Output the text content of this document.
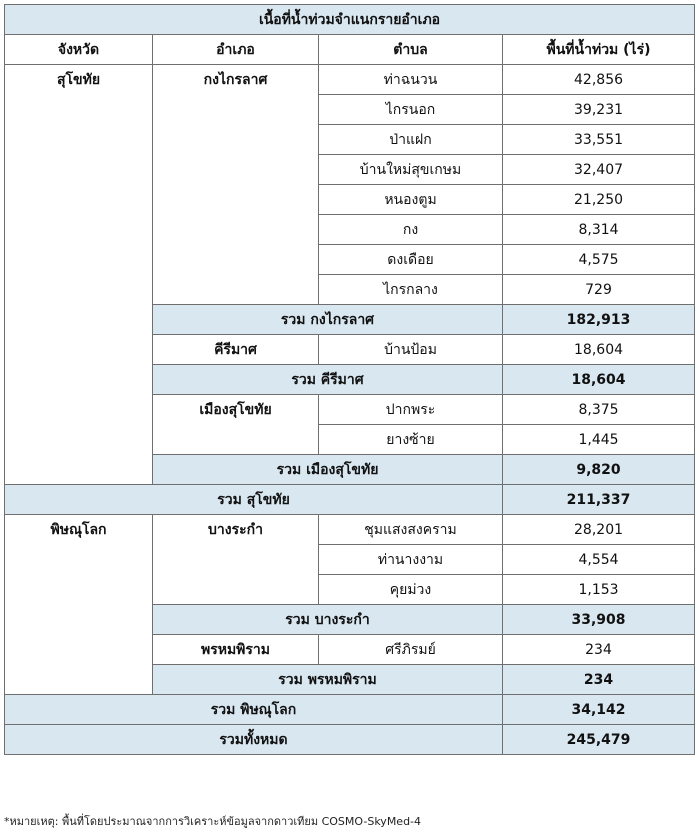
เนื้อที่น้ำท่วมจำแนกรายอำเภอ			
จังหวัด	อำเภอ	ตำบล	พื้นที่น้ำท่วม (ไร่)
สุโขทัย	กงไกรลาศ	ท่าฉนวน	42,856
		ไกรนอก	39,231
		ป่าแฝก	33,551
		บ้านใหม่สุขเกษม	32,407
		หนองตูม	21,250
		กง	8,314
		ดงเดือย	4,575
		ไกรกลาง	729
	รวม กงไกรลาศ		182,913
	คีรีมาศ	บ้านป้อม	18,604
	รวม คีรีมาศ		18,604
	เมืองสุโขทัย	ปากพระ	8,375
		ยางซ้าย	1,445
	รวม เมืองสุโขทัย		9,820
รวม สุโขทัย			211,337
พิษณุโลก	บางระกำ	ชุมแสงสงคราม	28,201
		ท่านางงาม	4,554
		คุยม่วง	1,153
	รวม บางระกำ		33,908
	พรหมพิราม	ศรีภิรมย์	234
	รวม พรหมพิราม		234
รวม พิษณุโลก			34,142
รวมทั้งหมด			245,479
*หมายเหตุ: พื้นที่โดยประมาณจากการวิเคราะห์ข้อมูลจากดาวเทียม COSMO-SkyMed-4
